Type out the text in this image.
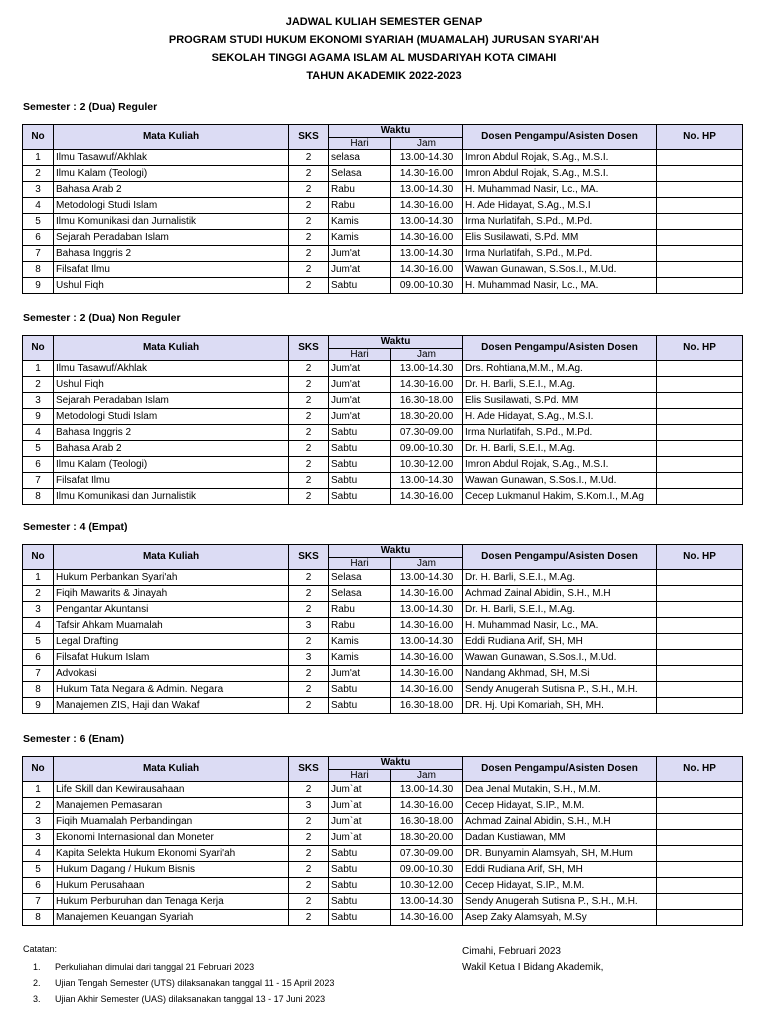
JADWAL KULIAH SEMESTER GENAP
PROGRAM STUDI HUKUM EKONOMI SYARIAH (MUAMALAH) JURUSAN SYARI'AH
SEKOLAH TINGGI AGAMA ISLAM AL MUSDARIYAH KOTA CIMAHI
TAHUN AKADEMIK 2022-2023
Semester : 2 (Dua) Reguler
No	Mata Kuliah	SKS	Waktu		Dosen Pengampu/Asisten Dosen	No. HP
			Hari	Jam		
1	Ilmu Tasawuf/Akhlak	2	selasa	13.00-14.30	Imron Abdul Rojak, S.Ag., M.S.I.	
2	Ilmu Kalam (Teologi)	2	Selasa	14.30-16.00	Imron Abdul Rojak, S.Ag., M.S.I.	
3	Bahasa Arab 2	2	Rabu	13.00-14.30	H. Muhammad Nasir, Lc., MA.	
4	Metodologi Studi Islam	2	Rabu	14.30-16.00	H. Ade Hidayat, S.Ag., M.S.I	
5	Ilmu Komunikasi dan Jurnalistik	2	Kamis	13.00-14.30	Irma Nurlatifah, S.Pd., M.Pd.	
6	Sejarah Peradaban Islam	2	Kamis	14.30-16.00	Elis Susilawati, S.Pd. MM	
7	Bahasa Inggris 2	2	Jum'at	13.00-14.30	Irma Nurlatifah, S.Pd., M.Pd.	
8	Filsafat Ilmu	2	Jum'at	14.30-16.00	Wawan Gunawan, S.Sos.I., M.Ud.	
9	Ushul Fiqh	2	Sabtu	09.00-10.30	H. Muhammad Nasir, Lc., MA.	
Semester : 2 (Dua) Non Reguler
No	Mata Kuliah	SKS	Waktu		Dosen Pengampu/Asisten Dosen	No. HP
			Hari	Jam		
1	Ilmu Tasawuf/Akhlak	2	Jum'at	13.00-14.30	Drs. Rohtiana,M.M., M.Ag.	
2	Ushul Fiqh	2	Jum'at	14.30-16.00	Dr. H. Barli, S.E.I., M.Ag.	
3	Sejarah Peradaban Islam	2	Jum'at	16.30-18.00	Elis Susilawati, S.Pd. MM	
9	Metodologi Studi Islam	2	Jum'at	18.30-20.00	H. Ade Hidayat, S.Ag., M.S.I.	
4	Bahasa Inggris 2	2	Sabtu	07.30-09.00	Irma Nurlatifah, S.Pd., M.Pd.	
5	Bahasa Arab 2	2	Sabtu	09.00-10.30	Dr. H. Barli, S.E.I., M.Ag.	
6	Ilmu Kalam (Teologi)	2	Sabtu	10.30-12.00	Imron Abdul Rojak, S.Ag., M.S.I.	
7	Filsafat Ilmu	2	Sabtu	13.00-14.30	Wawan Gunawan, S.Sos.I., M.Ud.	
8	Ilmu Komunikasi dan Jurnalistik	2	Sabtu	14.30-16.00	Cecep Lukmanul Hakim, S.Kom.I., M.Ag	
Semester : 4 (Empat)
No	Mata Kuliah	SKS	Waktu		Dosen Pengampu/Asisten Dosen	No. HP
			Hari	Jam		
1	Hukum Perbankan Syari'ah	2	Selasa	13.00-14.30	Dr. H. Barli, S.E.I., M.Ag.	
2	Fiqih Mawarits & Jinayah	2	Selasa	14.30-16.00	Achmad Zainal Abidin, S.H., M.H	
3	Pengantar Akuntansi	2	Rabu	13.00-14.30	Dr. H. Barli, S.E.I., M.Ag.	
4	Tafsir Ahkam Muamalah	3	Rabu	14.30-16.00	H. Muhammad Nasir, Lc., MA.	
5	Legal Drafting	2	Kamis	13.00-14.30	Eddi Rudiana Arif, SH, MH	
6	Filsafat Hukum Islam	3	Kamis	14.30-16.00	Wawan Gunawan, S.Sos.I., M.Ud.	
7	Advokasi	2	Jum'at	14.30-16.00	Nandang Akhmad, SH, M.Si	
8	Hukum Tata Negara & Admin. Negara	2	Sabtu	14.30-16.00	Sendy Anugerah Sutisna P., S.H., M.H.	
9	Manajemen ZIS, Haji dan Wakaf	2	Sabtu	16.30-18.00	DR. Hj. Upi Komariah, SH, MH.	
Semester : 6 (Enam)
No	Mata Kuliah	SKS	Waktu		Dosen Pengampu/Asisten Dosen	No. HP
			Hari	Jam		
1	Life Skill dan Kewirausahaan	2	Jum`at	13.00-14.30	Dea Jenal Mutakin, S.H., M.M.	
2	Manajemen Pemasaran	3	Jum`at	14.30-16.00	Cecep Hidayat, S.IP., M.M.	
3	Fiqih Muamalah Perbandingan	2	Jum`at	16.30-18.00	Achmad Zainal Abidin, S.H., M.H	
3	Ekonomi Internasional dan Moneter	2	Jum`at	18.30-20.00	Dadan Kustiawan, MM	
4	Kapita Selekta Hukum Ekonomi Syari'ah	2	Sabtu	07.30-09.00	DR. Bunyamin Alamsyah, SH, M.Hum	
5	Hukum Dagang / Hukum Bisnis	2	Sabtu	09.00-10.30	Eddi Rudiana Arif, SH, MH	
6	Hukum Perusahaan	2	Sabtu	10.30-12.00	Cecep Hidayat, S.IP., M.M.	
7	Hukum Perburuhan dan Tenaga Kerja	2	Sabtu	13.00-14.30	Sendy Anugerah Sutisna P., S.H., M.H.	
8	Manajemen Keuangan Syariah	2	Sabtu	14.30-16.00	Asep Zaky Alamsyah, M.Sy	
Catatan:
1. Perkuliahan dimulai dari tanggal 21 Februari 2023
2. Ujian Tengah Semester (UTS) dilaksanakan tanggal 11 - 15 April 2023
3. Ujian Akhir Semester (UAS) dilaksanakan tanggal 13 - 17 Juni 2023
Cimahi, Februari 2023
Wakil Ketua I Bidang Akademik,
